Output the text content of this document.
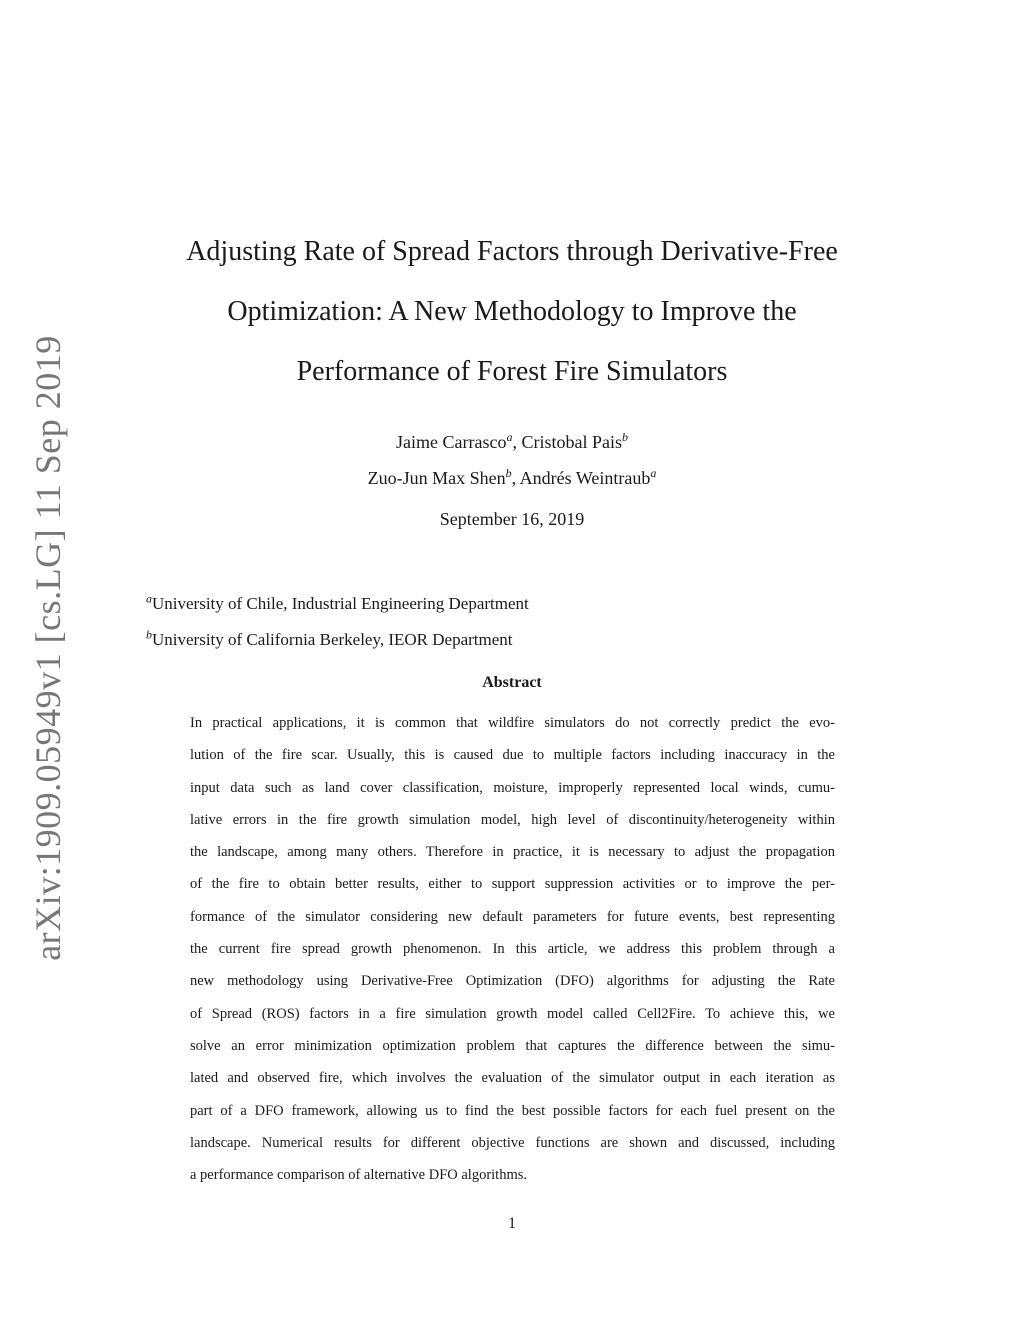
arXiv:1909.05949v1 [cs.LG] 11 Sep 2019
Adjusting Rate of Spread Factors through Derivative-Free
Optimization: A New Methodology to Improve the
Performance of Forest Fire Simulators
Jaime Carrasco$^a$, Cristobal Pais$^b$
Zuo-Jun Max Shen$^b$, Andrés Weintraub$^a$
September 16, 2019
$^a$University of Chile, Industrial Engineering Department
$^b$University of California Berkeley, IEOR Department
Abstract
In practical applications, it is common that wildfire simulators do not correctly predict the evo-
lution of the fire scar. Usually, this is caused due to multiple factors including inaccuracy in the
input data such as land cover classification, moisture, improperly represented local winds, cumu-
lative errors in the fire growth simulation model, high level of discontinuity/heterogeneity within
the landscape, among many others. Therefore in practice, it is necessary to adjust the propagation
of the fire to obtain better results, either to support suppression activities or to improve the per-
formance of the simulator considering new default parameters for future events, best representing
the current fire spread growth phenomenon. In this article, we address this problem through a
new methodology using Derivative-Free Optimization (DFO) algorithms for adjusting the Rate
of Spread (ROS) factors in a fire simulation growth model called Cell2Fire. To achieve this, we
solve an error minimization optimization problem that captures the difference between the simu-
lated and observed fire, which involves the evaluation of the simulator output in each iteration as
part of a DFO framework, allowing us to find the best possible factors for each fuel present on the
landscape. Numerical results for different objective functions are shown and discussed, including
a performance comparison of alternative DFO algorithms.
1
